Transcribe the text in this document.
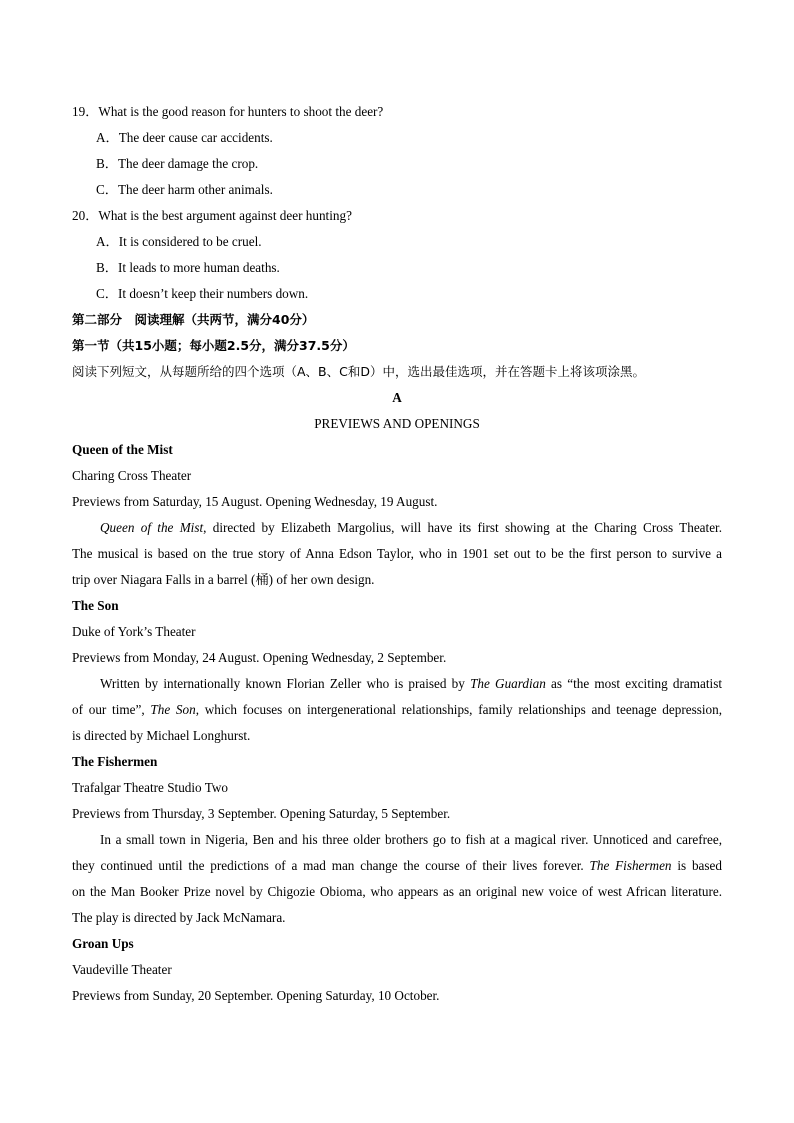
19．What is the good reason for hunters to shoot the deer?
A．The deer cause car accidents.
B．The deer damage the crop.
C．The deer harm other animals.
20．What is the best argument against deer hunting?
A．It is considered to be cruel.
B．It leads to more human deaths.
C．It doesn’t keep their numbers down.
第二部分　阅读理解（共两节，满分40分）
第一节（共15小题；每小题2.5分，满分37.5分）
阅读下列短文，从每题所给的四个选项（A、B、C和D）中，选出最佳选项，并在答题卡上将该项涂黑。
A
PREVIEWS AND OPENINGS
Queen of the Mist
Charing Cross Theater
Previews from Saturday, 15 August. Opening Wednesday, 19 August.
Queen of the Mist, directed by Elizabeth Margolius, will have its first showing at the Charing Cross Theater.
The musical is based on the true story of Anna Edson Taylor, who in 1901 set out to be the first person to survive a
trip over Niagara Falls in a barrel (桶) of her own design.
The Son
Duke of York’s Theater
Previews from Monday, 24 August. Opening Wednesday, 2 September.
Written by internationally known Florian Zeller who is praised by The Guardian as “the most exciting dramatist
of our time”, The Son, which focuses on intergenerational relationships, family relationships and teenage depression,
is directed by Michael Longhurst.
The Fishermen
Trafalgar Theatre Studio Two
Previews from Thursday, 3 September. Opening Saturday, 5 September.
In a small town in Nigeria, Ben and his three older brothers go to fish at a magical river. Unnoticed and carefree,
they continued until the predictions of a mad man change the course of their lives forever. The Fishermen is based
on the Man Booker Prize novel by Chigozie Obioma, who appears as an original new voice of west African literature.
The play is directed by Jack McNamara.
Groan Ups
Vaudeville Theater
Previews from Sunday, 20 September. Opening Saturday, 10 October.
